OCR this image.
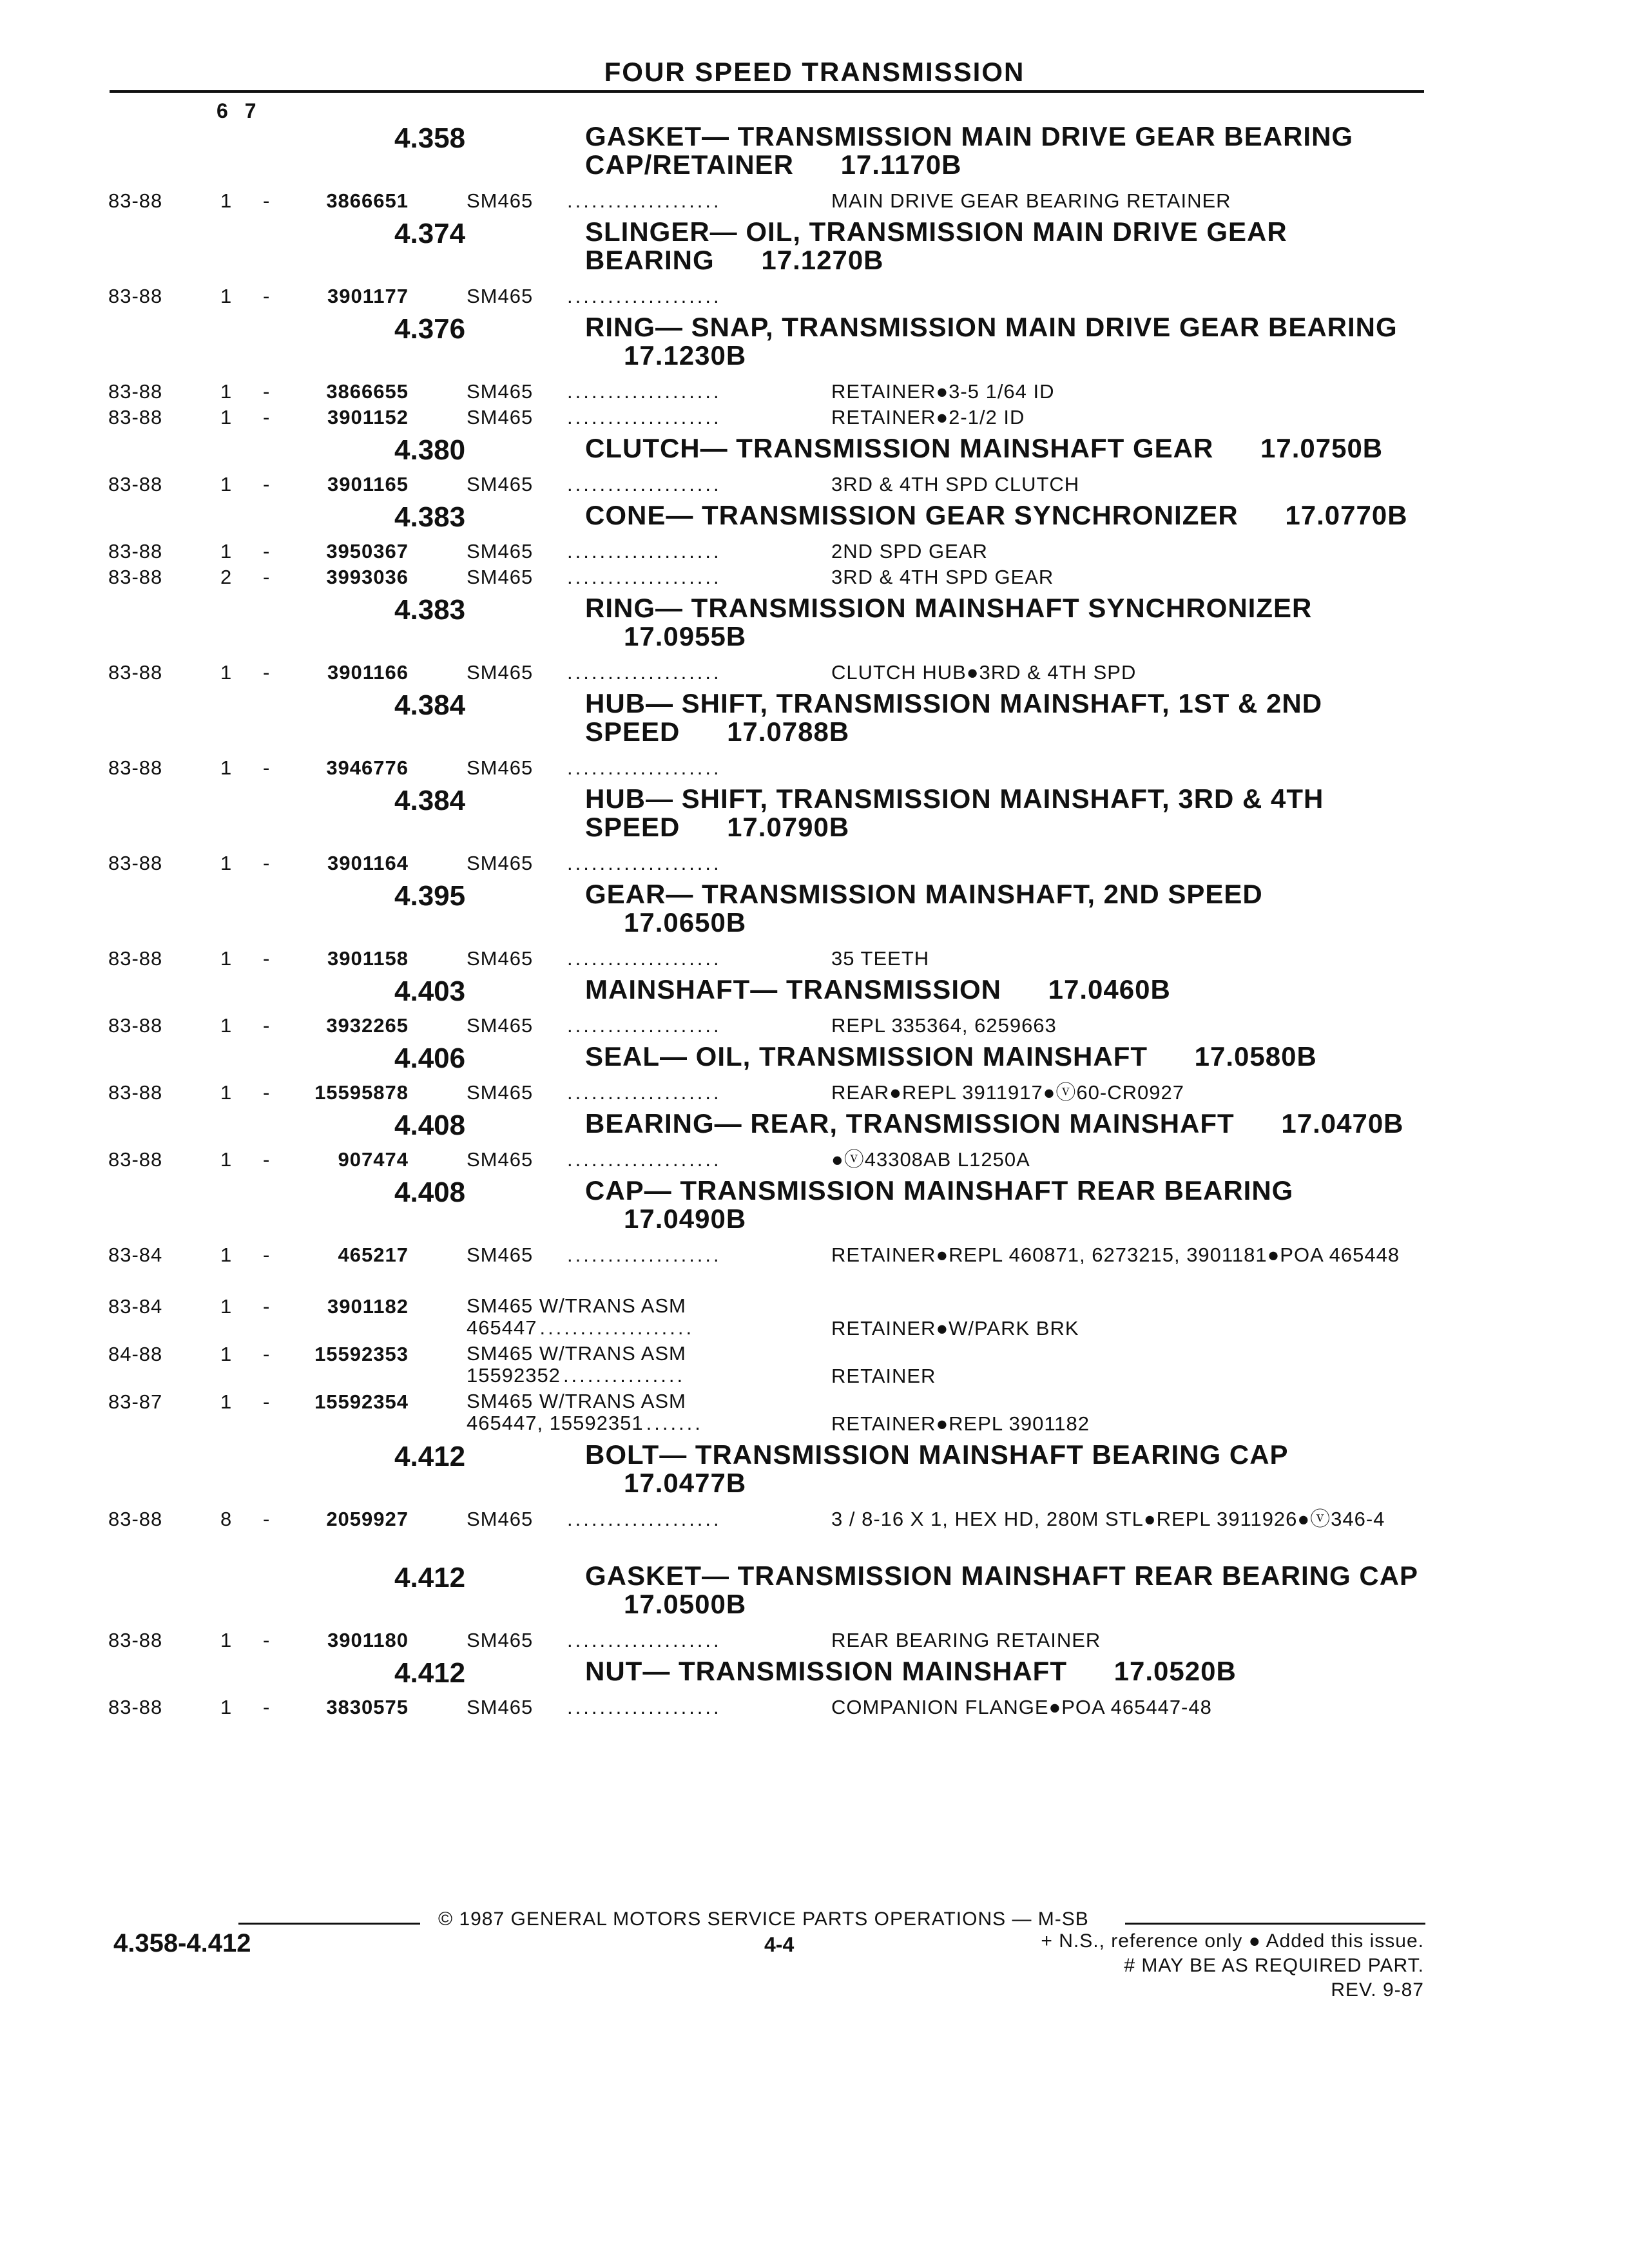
FOUR SPEED TRANSMISSION
67
4.358	GASKET— TRANSMISSION MAIN DRIVE GEAR BEARING CAP/RETAINER 17.1170B
83-88	1 -	3866651	SM465 ...................	MAIN DRIVE GEAR BEARING RETAINER
4.374	SLINGER— OIL, TRANSMISSION MAIN DRIVE GEAR BEARING 17.1270B
83-88	1 -	3901177	SM465 ...................
4.376	RING— SNAP, TRANSMISSION MAIN DRIVE GEAR BEARING 17.1230B
83-88	1 -	3866655	SM465 ...................	RETAINER●3-5 1/64 ID
83-88	1 -	3901152	SM465 ...................	RETAINER●2-1/2 ID
4.380	CLUTCH— TRANSMISSION MAINSHAFT GEAR 17.0750B
83-88	1 -	3901165	SM465 ...................	3RD & 4TH SPD CLUTCH
4.383	CONE— TRANSMISSION GEAR SYNCHRONIZER 17.0770B
83-88	1 -	3950367	SM465 ...................	2ND SPD GEAR
83-88	2 -	3993036	SM465 ...................	3RD & 4TH SPD GEAR
4.383	RING— TRANSMISSION MAINSHAFT SYNCHRONIZER 17.0955B
83-88	1 -	3901166	SM465 ...................	CLUTCH HUB●3RD & 4TH SPD
4.384	HUB— SHIFT, TRANSMISSION MAINSHAFT, 1ST & 2ND SPEED 17.0788B
83-88	1 -	3946776	SM465 ...................
4.384	HUB— SHIFT, TRANSMISSION MAINSHAFT, 3RD & 4TH SPEED 17.0790B
83-88	1 -	3901164	SM465 ...................
4.395	GEAR— TRANSMISSION MAINSHAFT, 2ND SPEED 17.0650B
83-88	1 -	3901158	SM465 ...................	35 TEETH
4.403	MAINSHAFT— TRANSMISSION 17.0460B
83-88	1 -	3932265	SM465 ...................	REPL 335364, 6259663
4.406	SEAL— OIL, TRANSMISSION MAINSHAFT 17.0580B
83-88	1 -	15595878	SM465 ...................	REAR●REPL 3911917●ⓥ60-CR0927
4.408	BEARING— REAR, TRANSMISSION MAINSHAFT 17.0470B
83-88	1 -	907474	SM465 ...................	●ⓥ43308AB L1250A
4.408	CAP— TRANSMISSION MAINSHAFT REAR BEARING 17.0490B
83-84	1 -	465217	SM465 ...................	RETAINER●REPL 460871, 6273215, 3901181●POA 465448
83-84	1 -	3901182	SM465 W/TRANS ASM
465447 ...................	RETAINER●W/PARK BRK
84-88	1 -	15592353	SM465 W/TRANS ASM
15592352 ...............	RETAINER
83-87	1 -	15592354	SM465 W/TRANS ASM
465447, 15592351 .......	RETAINER●REPL 3901182
4.412	BOLT— TRANSMISSION MAINSHAFT BEARING CAP 17.0477B
83-88	8 -	2059927	SM465 ...................	3 / 8-16 X 1, HEX HD, 280M STL●REPL 3911926●ⓥ346-4
4.412	GASKET— TRANSMISSION MAINSHAFT REAR BEARING CAP 17.0500B
83-88	1 -	3901180	SM465 ...................	REAR BEARING RETAINER
4.412	NUT— TRANSMISSION MAINSHAFT 17.0520B
83-88	1 -	3830575	SM465 ...................	COMPANION FLANGE●POA 465447-48
© 1987 GENERAL MOTORS SERVICE PARTS OPERATIONS — M-SB
4.358-4.412	4-4	+ N.S., reference only ● Added this issue.
# MAY BE AS REQUIRED PART.
REV. 9-87
